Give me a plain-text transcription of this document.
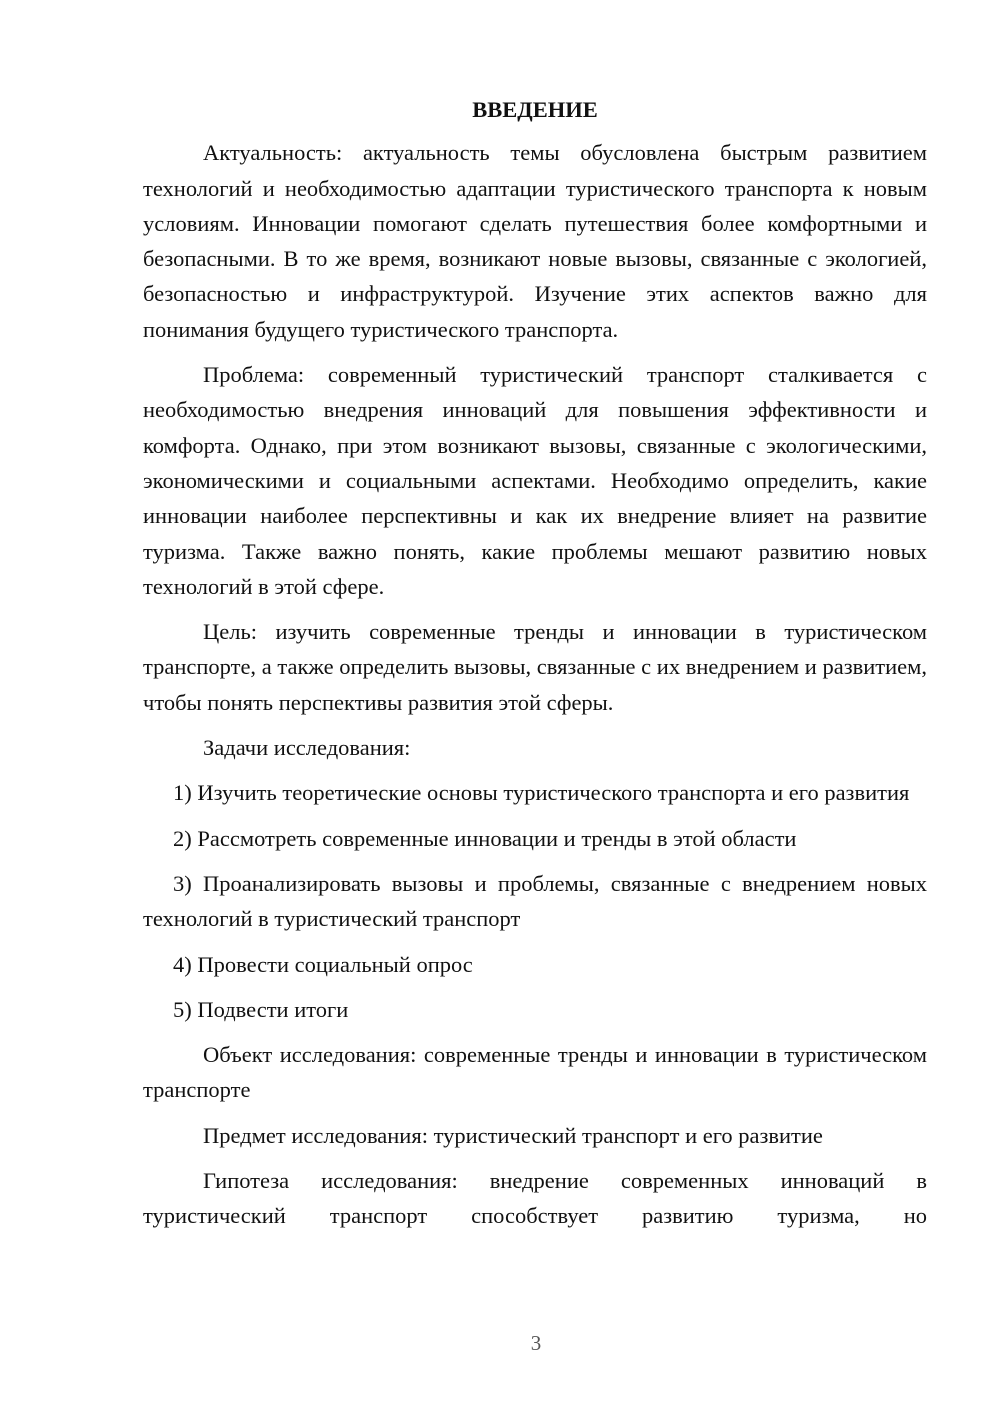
ВВЕДЕНИЕ

Актуальность: актуальность темы обусловлена быстрым развитием технологий и необходимостью адаптации туристического транспорта к новым условиям. Инновации помогают сделать путешествия более комфортными и безопасными. В то же время, возникают новые вызовы, связанные с экологией, безопасностью и инфраструктурой. Изучение этих аспектов важно для понимания будущего туристического транспорта.

Проблема: современный туристический транспорт сталкивается с необходимостью внедрения инноваций для повышения эффективности и комфорта. Однако, при этом возникают вызовы, связанные с экологическими, экономическими и социальными аспектами. Необходимо определить, какие инновации наиболее перспективны и как их внедрение влияет на развитие туризма. Также важно понять, какие проблемы мешают развитию новых технологий в этой сфере.

Цель: изучить современные тренды и инновации в туристическом транспорте, а также определить вызовы, связанные с их внедрением и развитием, чтобы понять перспективы развития этой сферы.

Задачи исследования:

1) Изучить теоретические основы туристического транспорта и его развития

2) Рассмотреть современные инновации и тренды в этой области

3) Проанализировать вызовы и проблемы, связанные с внедрением новых технологий в туристический транспорт

4) Провести социальный опрос

5) Подвести итоги

Объект исследования: современные тренды и инновации в туристическом транспорте

Предмет исследования: туристический транспорт и его развитие

Гипотеза исследования: внедрение современных инноваций в туристический транспорт способствует развитию туризма, но

3
